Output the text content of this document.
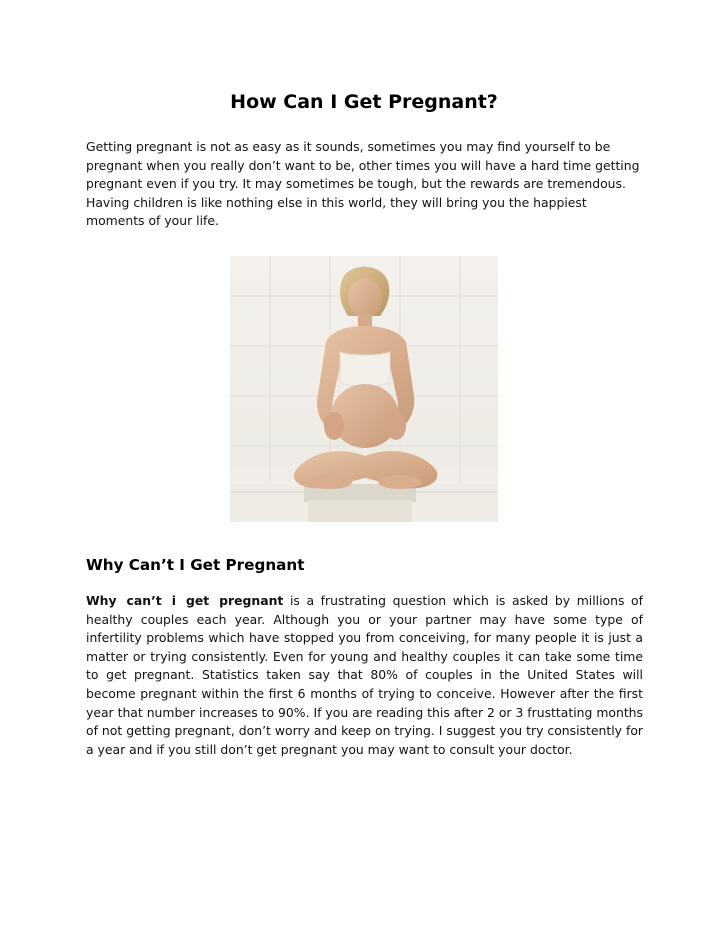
How Can I Get Pregnant?

Getting pregnant is not as easy as it sounds, sometimes you may find yourself to be pregnant when you really don’t want to be, other times you will have a hard time getting pregnant even if you try. It may sometimes be tough, but the rewards are tremendous. Having children is like nothing else in this world, they will bring you the happiest moments of your life.

Why Can’t I Get Pregnant

Why can’t i get pregnant is a frustrating question which is asked by millions of healthy couples each year. Although you or your partner may have some type of infertility problems which have stopped you from conceiving, for many people it is just a matter or trying consistently. Even for young and healthy couples it can take some time to get pregnant. Statistics taken say that 80% of couples in the United States will become pregnant within the first 6 months of trying to conceive. However after the first year that number increases to 90%. If you are reading this after 2 or 3 frusttating months of not getting pregnant, don’t worry and keep on trying. I suggest you try consistently for a year and if you still don’t get pregnant you may want to consult your doctor.
